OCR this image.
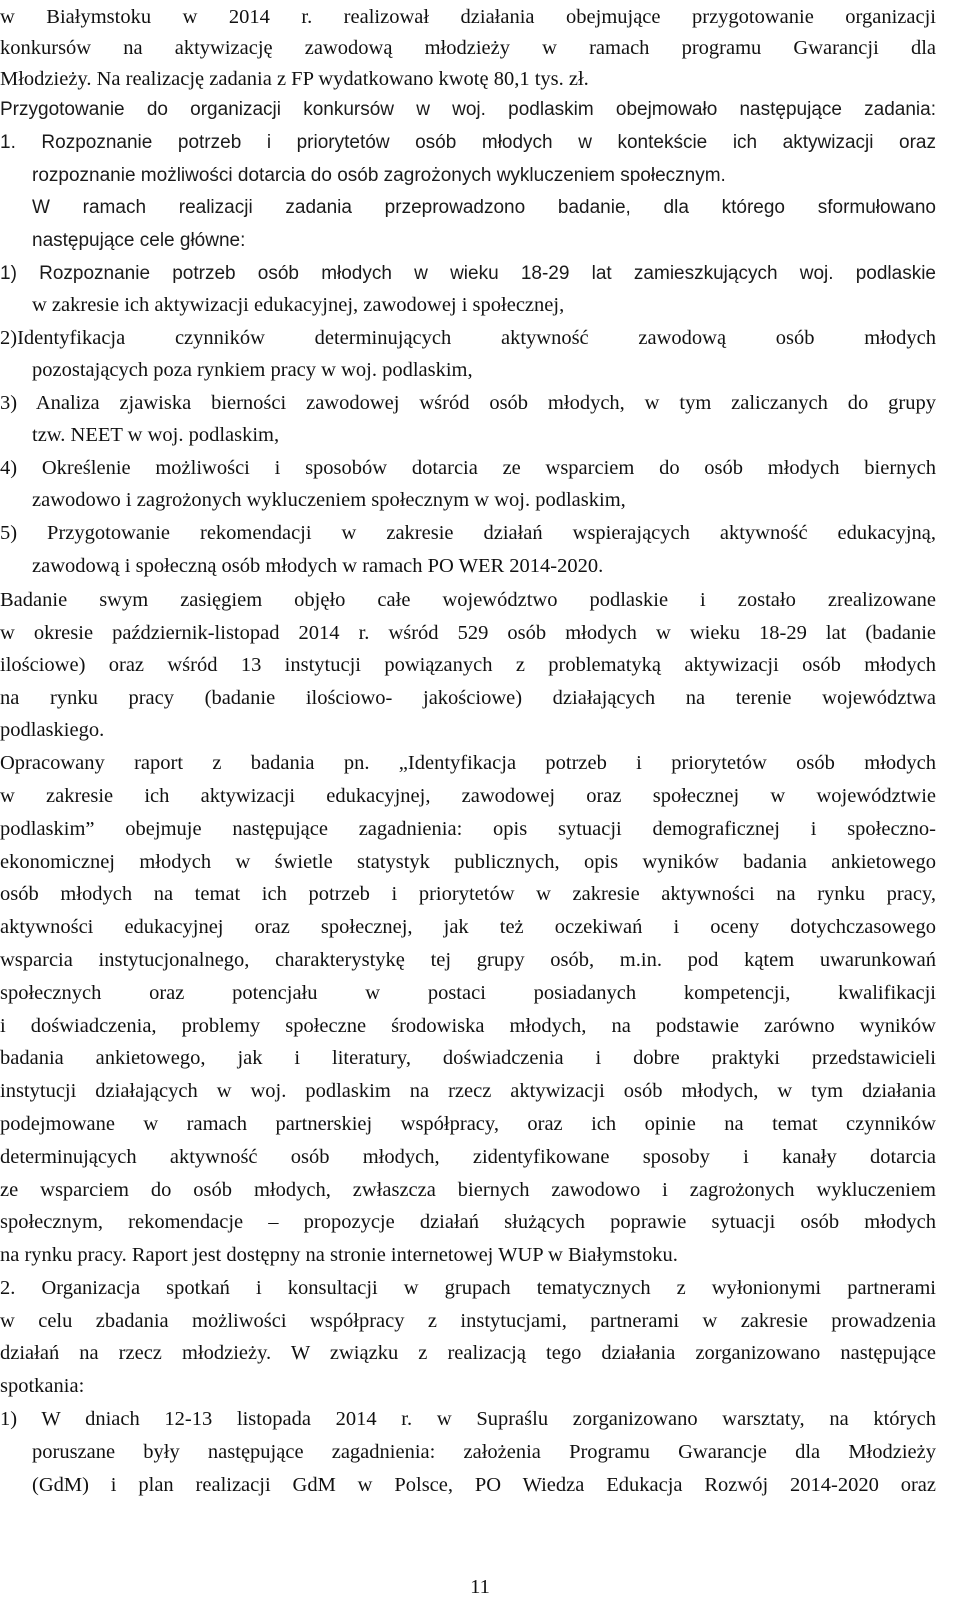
w Białymstoku w 2014 r. realizował działania obejmujące przygotowanie organizacji
konkursów na aktywizację zawodową młodzieży w ramach programu Gwarancji dla
Młodzieży. Na realizację zadania z FP wydatkowano kwotę 80,1 tys. zł.
Przygotowanie do organizacji konkursów w woj. podlaskim obejmowało następujące zadania:
1. Rozpoznanie potrzeb i priorytetów osób młodych w kontekście ich aktywizacji oraz
rozpoznanie możliwości dotarcia do osób zagrożonych wykluczeniem społecznym.
W ramach realizacji zadania przeprowadzono badanie, dla którego sformułowano
następujące cele główne:
1) Rozpoznanie potrzeb osób młodych w wieku 18-29 lat zamieszkujących woj. podlaskie
w zakresie ich aktywizacji edukacyjnej, zawodowej i społecznej,
2)Identyfikacja czynników determinujących aktywność zawodową osób młodych
pozostających poza rynkiem pracy w woj. podlaskim,
3) Analiza zjawiska bierności zawodowej wśród osób młodych, w tym zaliczanych do grupy
tzw. NEET w woj. podlaskim,
4) Określenie możliwości i sposobów dotarcia ze wsparciem do osób młodych biernych
zawodowo i zagrożonych wykluczeniem społecznym w woj. podlaskim,
5) Przygotowanie rekomendacji w zakresie działań wspierających aktywność edukacyjną,
zawodową i społeczną osób młodych w ramach PO WER 2014-2020.
Badanie swym zasięgiem objęło całe województwo podlaskie i zostało zrealizowane
w okresie październik-listopad 2014 r. wśród 529 osób młodych w wieku 18-29 lat (badanie
ilościowe) oraz wśród 13 instytucji powiązanych z problematyką aktywizacji osób młodych
na rynku pracy (badanie ilościowo- jakościowe) działających na terenie województwa
podlaskiego.
Opracowany raport z badania pn. „Identyfikacja potrzeb i priorytetów osób młodych
w zakresie ich aktywizacji edukacyjnej, zawodowej oraz społecznej w województwie
podlaskim” obejmuje następujące zagadnienia: opis sytuacji demograficznej i społeczno-
ekonomicznej młodych w świetle statystyk publicznych, opis wyników badania ankietowego
osób młodych na temat ich potrzeb i priorytetów w zakresie aktywności na rynku pracy,
aktywności edukacyjnej oraz społecznej, jak też oczekiwań i oceny dotychczasowego
wsparcia instytucjonalnego, charakterystykę tej grupy osób, m.in. pod kątem uwarunkowań
społecznych oraz potencjału w postaci posiadanych kompetencji, kwalifikacji
i doświadczenia, problemy społeczne środowiska młodych, na podstawie zarówno wyników
badania ankietowego, jak i literatury, doświadczenia i dobre praktyki przedstawicieli
instytucji działających w woj. podlaskim na rzecz aktywizacji osób młodych, w tym działania
podejmowane w ramach partnerskiej współpracy, oraz ich opinie na temat czynników
determinujących aktywność osób młodych, zidentyfikowane sposoby i kanały dotarcia
ze wsparciem do osób młodych, zwłaszcza biernych zawodowo i zagrożonych wykluczeniem
społecznym, rekomendacje – propozycje działań służących poprawie sytuacji osób młodych
na rynku pracy. Raport jest dostępny na stronie internetowej WUP w Białymstoku.
2. Organizacja spotkań i konsultacji w grupach tematycznych z wyłonionymi partnerami
w celu zbadania możliwości współpracy z instytucjami, partnerami w zakresie prowadzenia
działań na rzecz młodzieży. W związku z realizacją tego działania zorganizowano następujące
spotkania:
1) W dniach 12-13 listopada 2014 r. w Supraślu zorganizowano warsztaty, na których
poruszane były następujące zagadnienia: założenia Programu Gwarancje dla Młodzieży
(GdM) i plan realizacji GdM w Polsce, PO Wiedza Edukacja Rozwój 2014-2020 oraz
11
